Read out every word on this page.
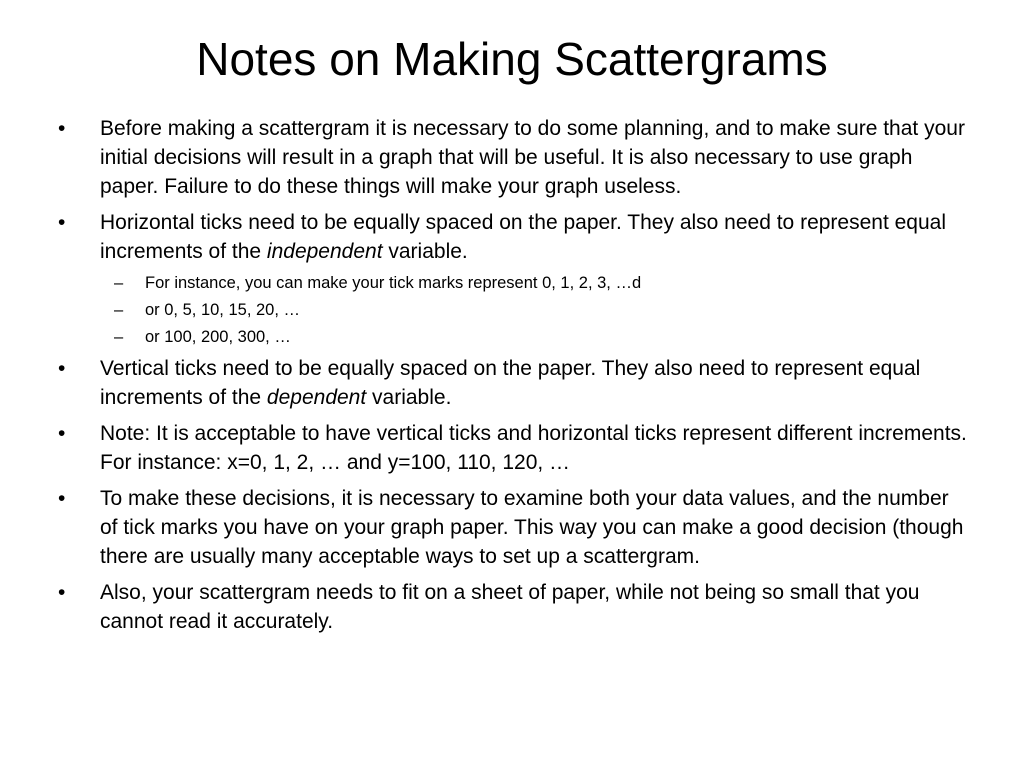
Notes on Making Scattergrams
•	Before making a scattergram it is necessary to do some planning, and to make sure that your initial decisions will result in a graph that will be useful. It is also necessary to use graph paper. Failure to do these things will make your graph useless.
•	Horizontal ticks need to be equally spaced on the paper. They also need to represent equal increments of the independent variable.
– For instance, you can make your tick marks represent 0, 1, 2, 3, …d
– or 0, 5, 10, 15, 20, …
– or 100, 200, 300, …
•	Vertical ticks need to be equally spaced on the paper. They also need to represent equal increments of the dependent variable.
•	Note: It is acceptable to have vertical ticks and horizontal ticks represent different increments. For instance: x=0, 1, 2, … and y=100, 110, 120, …
•	To make these decisions, it is necessary to examine both your data values, and the number of tick marks you have on your graph paper. This way you can make a good decision (though there are usually many acceptable ways to set up a scattergram.
•	Also, your scattergram needs to fit on a sheet of paper, while not being so small that you cannot read it accurately.
